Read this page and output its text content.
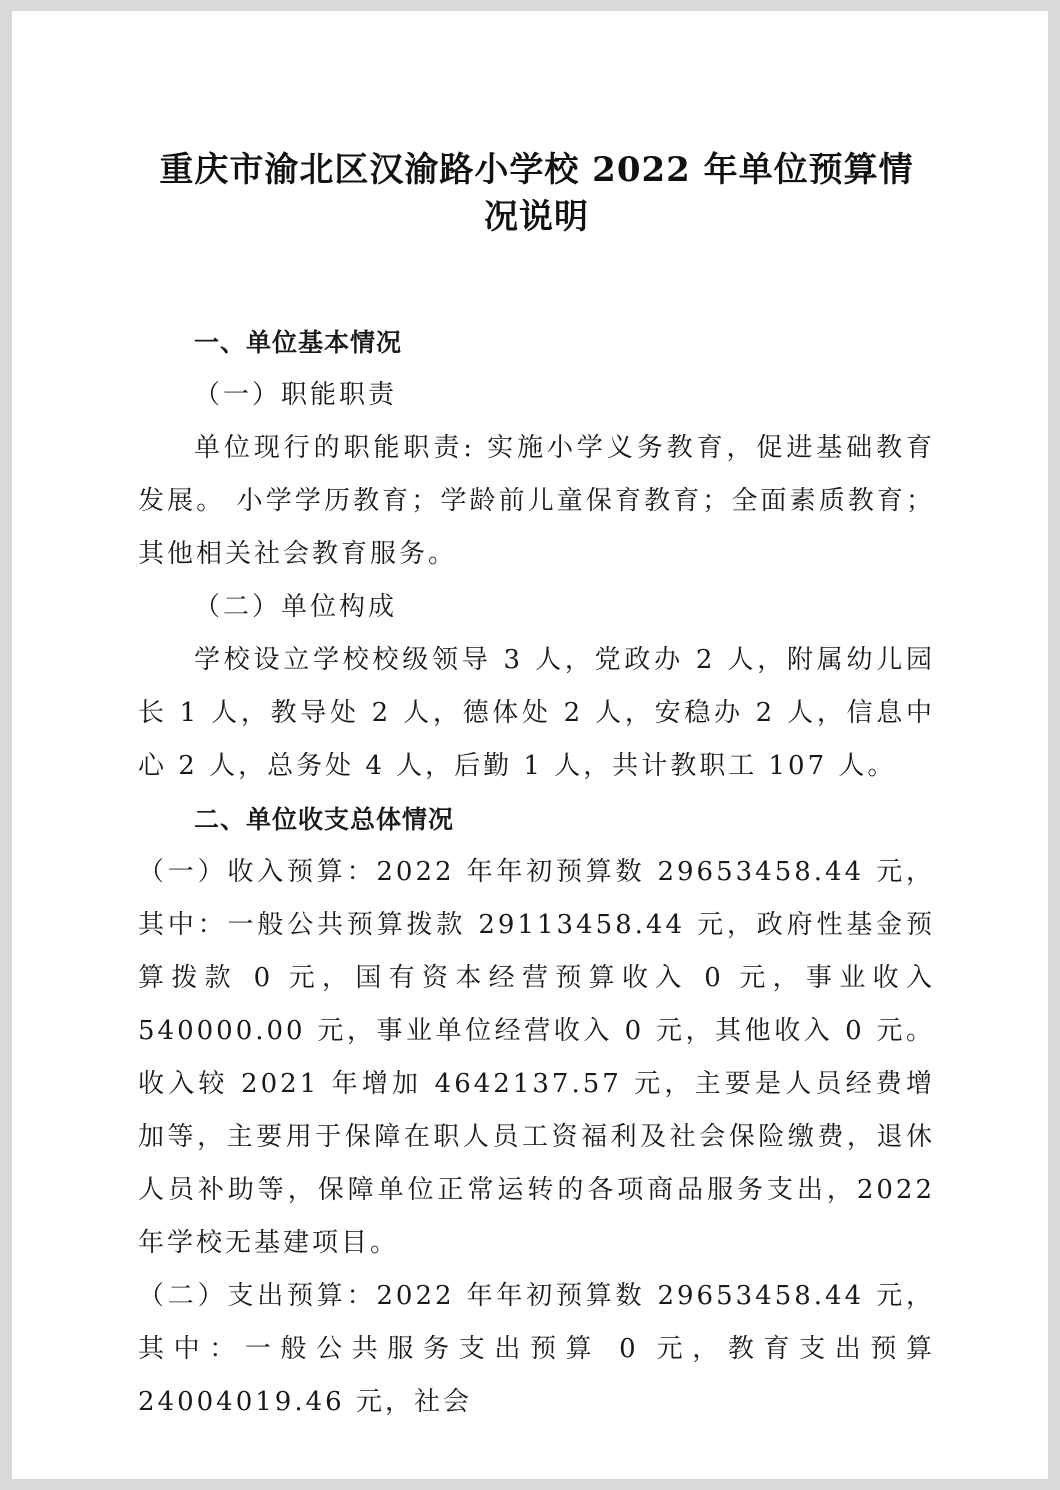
重庆市渝北区汉渝路小学校 2022 年单位预算情
况说明
一、单位基本情况
（一）职能职责

单位现行的职能职责: 实施小学义务教育，促进基础教育发展。 小学学历教育；学龄前儿童保育教育；全面素质教育；其他相关社会教育服务。

（二）单位构成

学校设立学校校级领导 3 人，党政办 2 人，附属幼儿园长 1 人，教导处 2 人，德体处 2 人，安稳办 2 人，信息中心 2 人，总务处 4 人，后勤 1 人，共计教职工 107 人。

二、单位收支总体情况

（一）收入预算：2022 年年初预算数 29653458.44 元，其中：一般公共预算拨款 29113458.44 元，政府性基金预算拨款 0 元，国有资本经营预算收入 0 元，事业收入 540000.00 元，事业单位经营收入 0 元，其他收入 0 元。收入较 2021 年增加 4642137.57 元，主要是人员经费增加等，主要用于保障在职人员工资福利及社会保险缴费，退休人员补助等，保障单位正常运转的各项商品服务支出，2022 年学校无基建项目。

（二）支出预算：2022 年年初预算数 29653458.44 元，其中：一般公共服务支出预算 0 元，教育支出预算 24004019.46 元，社会
